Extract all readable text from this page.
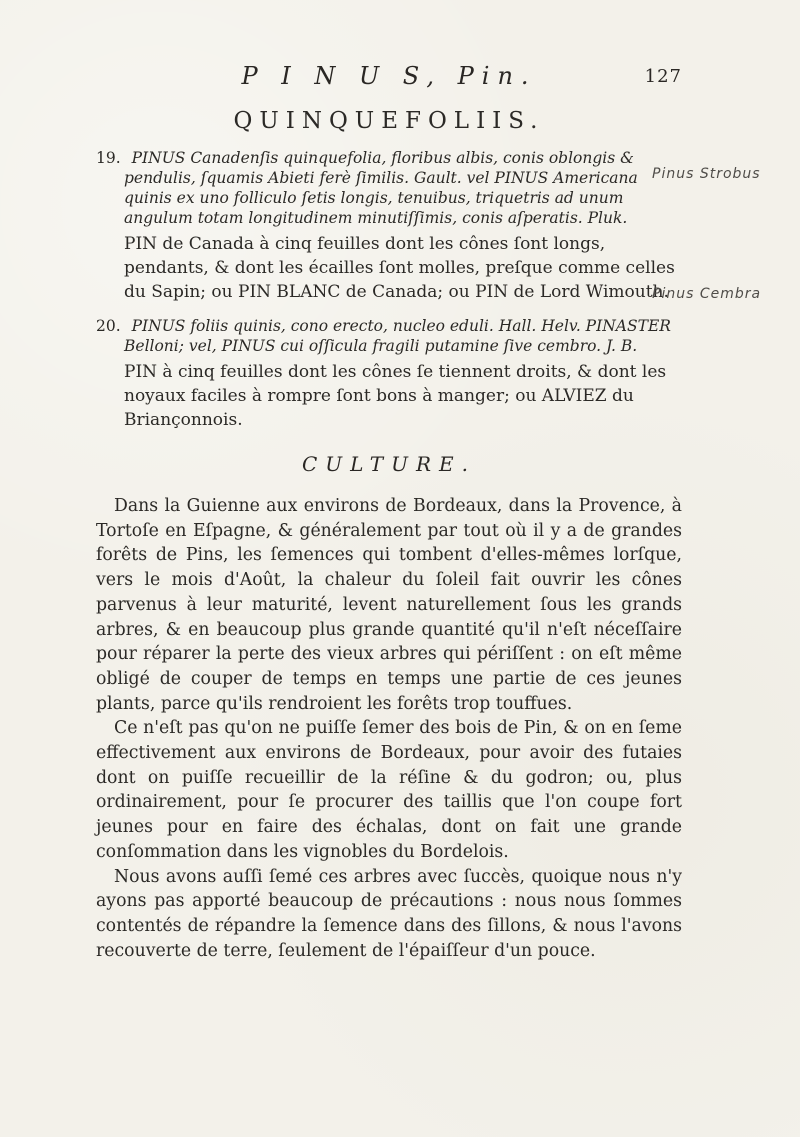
P I N U S, Pin.	127
QUINQUEFOLIIS.

19. PINUS Canadenſis quinquefolia, floribus albis, conis oblongis & pendulis, ſquamis Abieti ferè ſimilis. Gault. vel PINUS Americana quinis ex uno folliculo ſetis longis, tenuibus, triquetris ad unum angulum totam longitudinem minutiſſimis, conis aſperatis. Pluk.

PIN de Canada à cinq feuilles dont les cônes ſont longs, pendants, & dont les écailles ſont molles, preſque comme celles du Sapin; ou PIN BLANC de Canada; ou PIN de Lord Wimouth.

20. PINUS foliis quinis, cono erecto, nucleo eduli. Hall. Helv. PINASTER Belloni; vel, PINUS cui oſſicula fragili putamine ſive cembro. J. B.

PIN à cinq feuilles dont les cônes ſe tiennent droits, & dont les noyaux faciles à rompre ſont bons à manger; ou ALVIEZ du Briançonnois.

CULTURE.

Dans la Guienne aux environs de Bordeaux, dans la Provence, à Tortoſe en Eſpagne, & généralement par tout où il y a de grandes forêts de Pins, les ſemences qui tombent d'elles-mêmes lorſque, vers le mois d'Août, la chaleur du ſoleil fait ouvrir les cônes parvenus à leur maturité, levent naturellement ſous les grands arbres, & en beaucoup plus grande quantité qu'il n'eſt néceſſaire pour réparer la perte des vieux arbres qui périſſent : on eſt même obligé de couper de temps en temps une partie de ces jeunes plants, parce qu'ils rendroient les forêts trop touffues.

Ce n'eſt pas qu'on ne puiſſe ſemer des bois de Pin, & on en ſeme effectivement aux environs de Bordeaux, pour avoir des futaies dont on puiſſe recueillir de la réſine & du godron; ou, plus ordinairement, pour ſe procurer des taillis que l'on coupe fort jeunes pour en faire des échalas, dont on fait une grande conſommation dans les vignobles du Bordelois.

Nous avons auſſi ſemé ces arbres avec ſuccès, quoique nous n'y ayons pas apporté beaucoup de précautions : nous nous ſommes contentés de répandre la ſemence dans des ſillons, & nous l'avons recouverte de terre, ſeulement de l'épaiſſeur d'un pouce.

Pinus Strobus
Pinus Cembra
